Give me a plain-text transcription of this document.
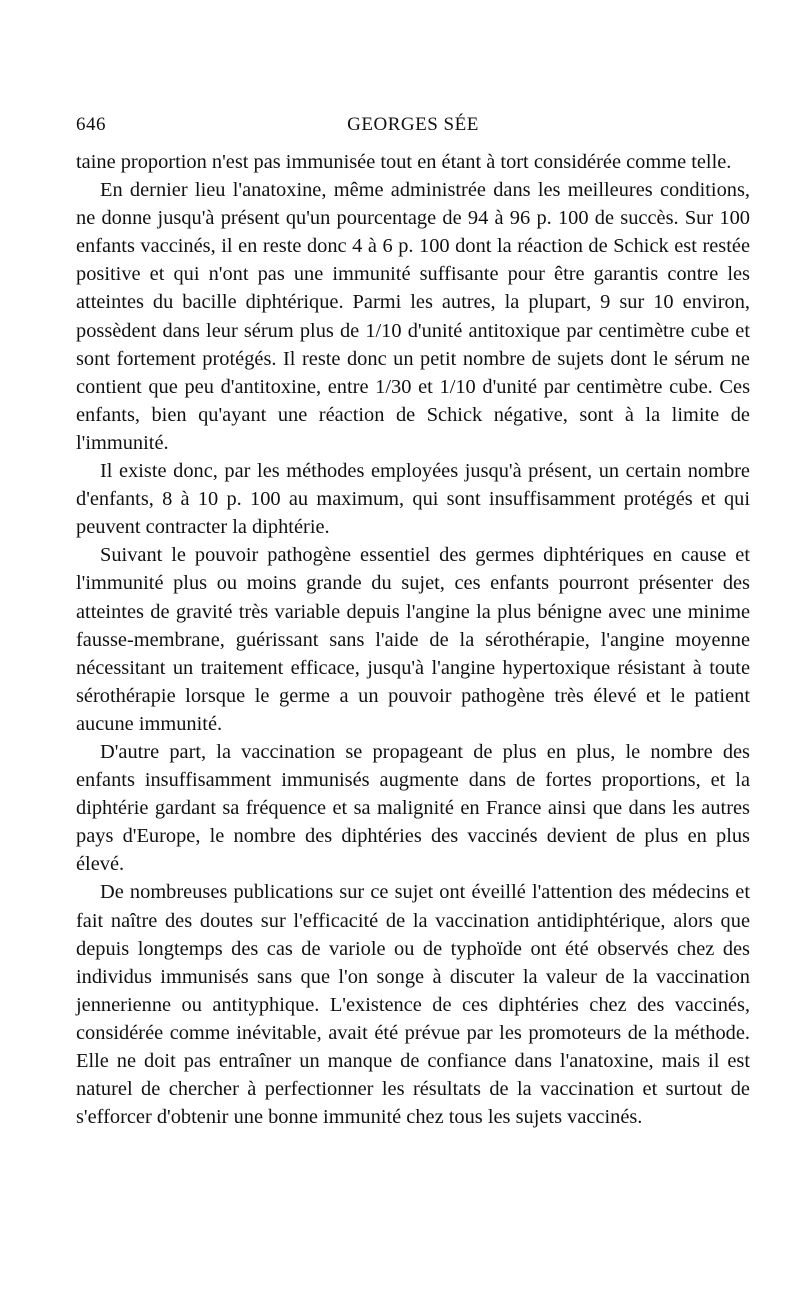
646	GEORGES SÉE

taine proportion n'est pas immunisée tout en étant à tort considérée comme telle.

En dernier lieu l'anatoxine, même administrée dans les meilleures conditions, ne donne jusqu'à présent qu'un pourcentage de 94 à 96 p. 100 de succès. Sur 100 enfants vaccinés, il en reste donc 4 à 6 p. 100 dont la réaction de Schick est restée positive et qui n'ont pas une immunité suffisante pour être garantis contre les atteintes du bacille diphtérique. Parmi les autres, la plupart, 9 sur 10 environ, possèdent dans leur sérum plus de 1/10 d'unité antitoxique par centimètre cube et sont fortement protégés. Il reste donc un petit nombre de sujets dont le sérum ne contient que peu d'antitoxine, entre 1/30 et 1/10 d'unité par centimètre cube. Ces enfants, bien qu'ayant une réaction de Schick négative, sont à la limite de l'immunité.

Il existe donc, par les méthodes employées jusqu'à présent, un certain nombre d'enfants, 8 à 10 p. 100 au maximum, qui sont insuffisamment protégés et qui peuvent contracter la diphtérie.

Suivant le pouvoir pathogène essentiel des germes diphtériques en cause et l'immunité plus ou moins grande du sujet, ces enfants pourront présenter des atteintes de gravité très variable depuis l'angine la plus bénigne avec une minime fausse-membrane, guérissant sans l'aide de la sérothérapie, l'angine moyenne nécessitant un traitement efficace, jusqu'à l'angine hypertoxique résistant à toute sérothérapie lorsque le germe a un pouvoir pathogène très élevé et le patient aucune immunité.

D'autre part, la vaccination se propageant de plus en plus, le nombre des enfants insuffisamment immunisés augmente dans de fortes proportions, et la diphtérie gardant sa fréquence et sa malignité en France ainsi que dans les autres pays d'Europe, le nombre des diphtéries des vaccinés devient de plus en plus élevé.

De nombreuses publications sur ce sujet ont éveillé l'attention des médecins et fait naître des doutes sur l'efficacité de la vaccination antidiphtérique, alors que depuis longtemps des cas de variole ou de typhoïde ont été observés chez des individus immunisés sans que l'on songe à discuter la valeur de la vaccination jennerienne ou antityphique. L'existence de ces diphtéries chez des vaccinés, considérée comme inévitable, avait été prévue par les promoteurs de la méthode. Elle ne doit pas entraîner un manque de confiance dans l'anatoxine, mais il est naturel de chercher à perfectionner les résultats de la vaccination et surtout de s'efforcer d'obtenir une bonne immunité chez tous les sujets vaccinés.
